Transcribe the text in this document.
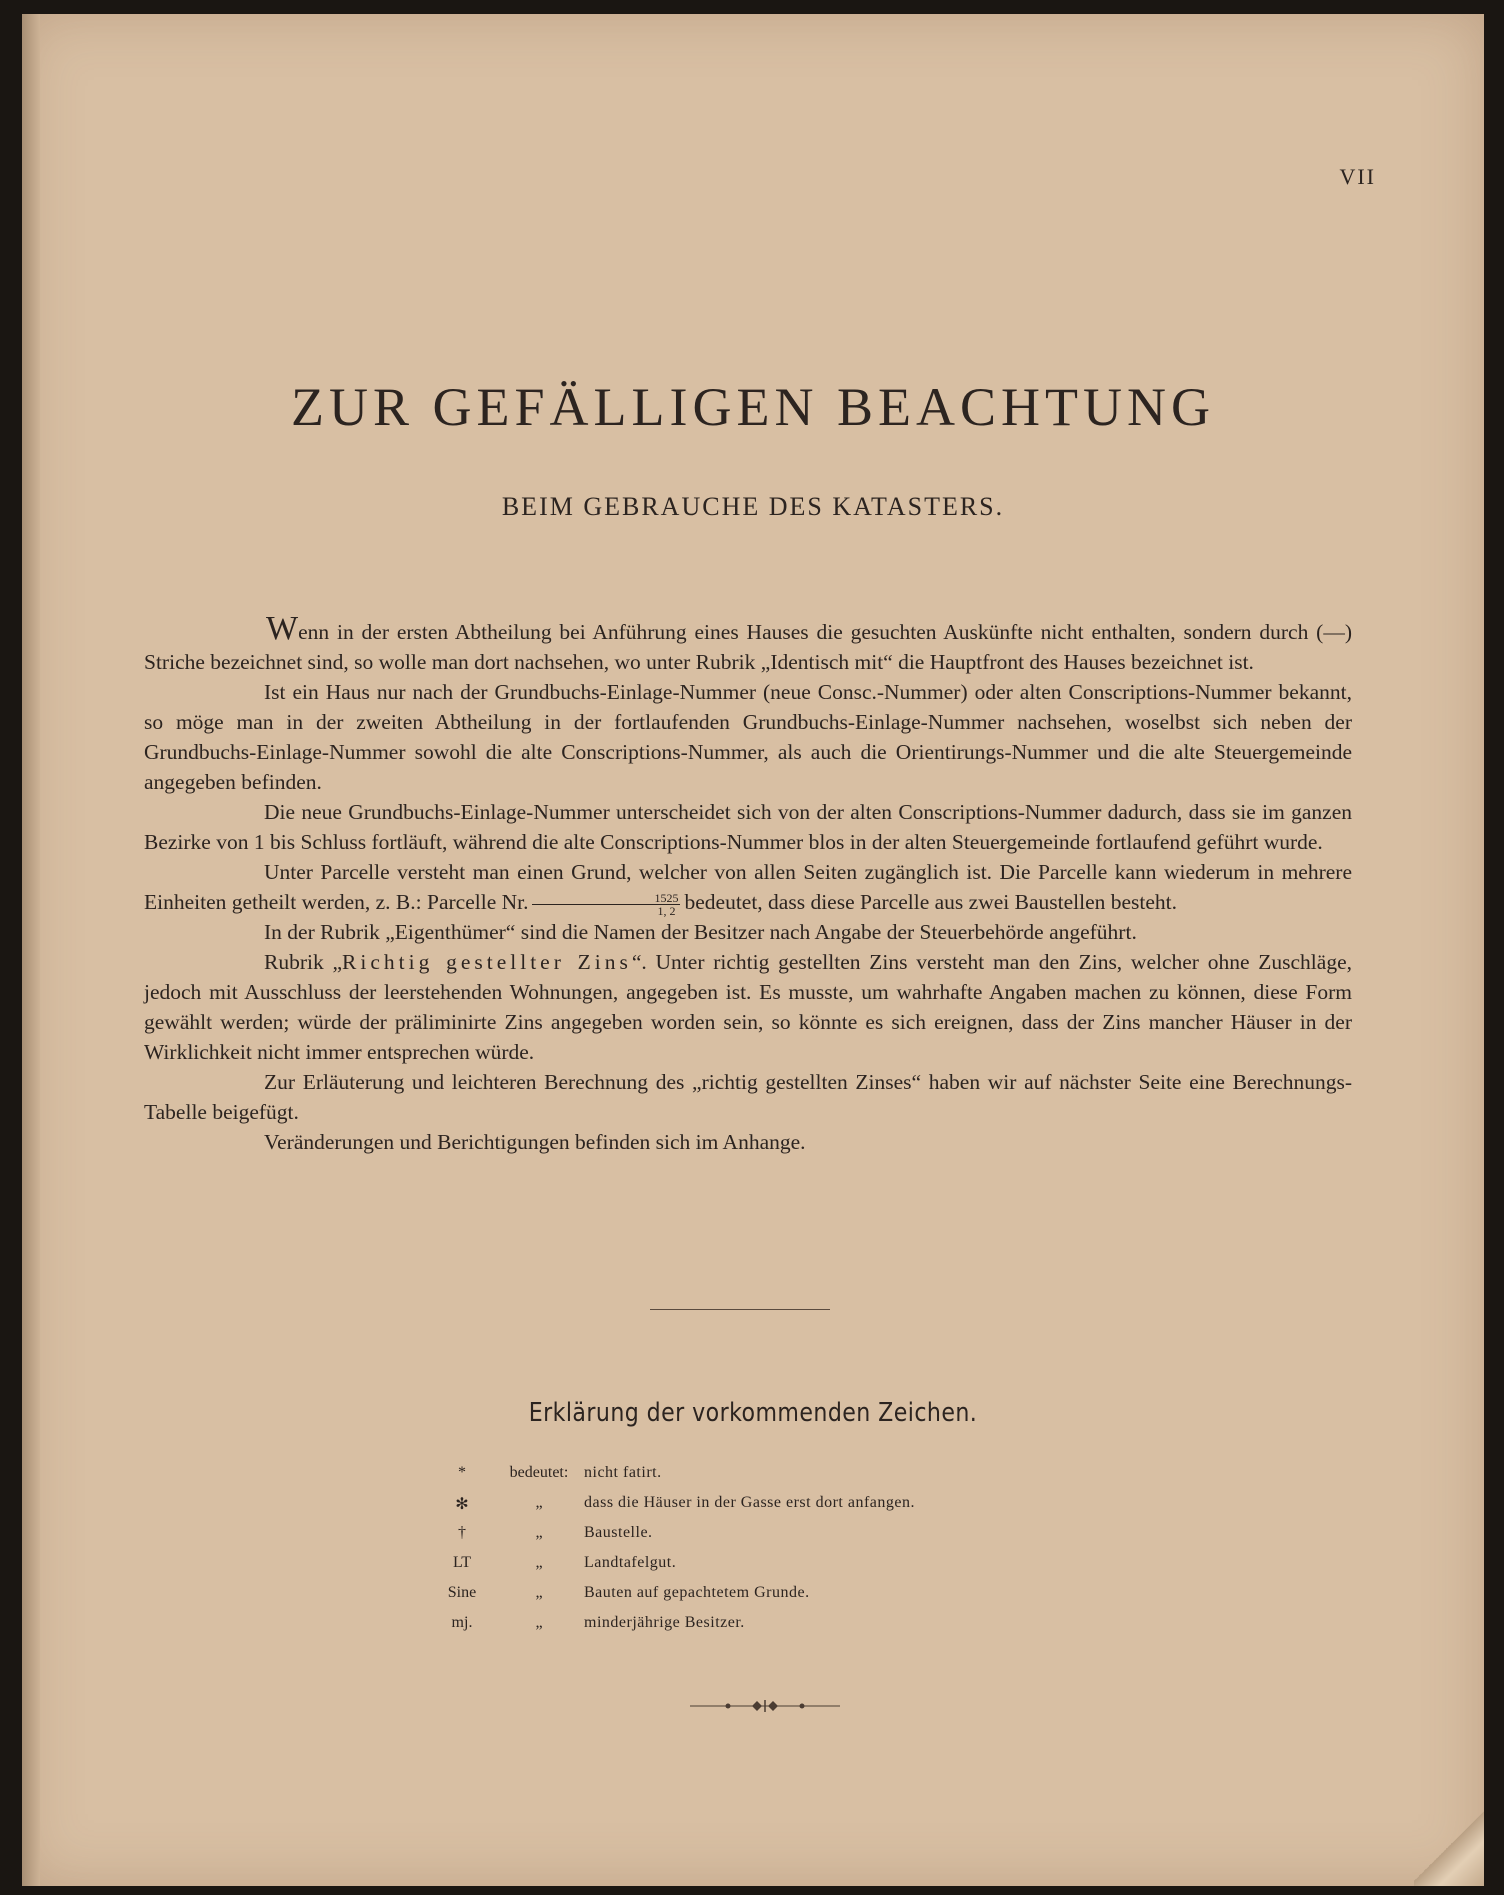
VII
ZUR GEFÄLLIGEN BEACHTUNG
BEIM GEBRAUCHE DES KATASTERS.

Wenn in der ersten Abtheilung bei Anführung eines Hauses die gesuchten Auskünfte nicht enthalten, sondern durch (—) Striche bezeichnet sind, so wolle man dort nachsehen, wo unter Rubrik „Identisch mit“ die Hauptfront des Hauses bezeichnet ist.

Ist ein Haus nur nach der Grundbuchs-Einlage-Nummer (neue Consc.-Nummer) oder alten Conscriptions-Nummer bekannt, so möge man in der zweiten Abtheilung in der fortlaufenden Grundbuchs-Einlage-Nummer nachsehen, woselbst sich neben der Grundbuchs-Einlage-Nummer sowohl die alte Conscriptions-Nummer, als auch die Orientirungs-Nummer und die alte Steuergemeinde angegeben befinden.

Die neue Grundbuchs-Einlage-Nummer unterscheidet sich von der alten Conscriptions-Nummer dadurch, dass sie im ganzen Bezirke von 1 bis Schluss fortläuft, während die alte Conscriptions-Nummer blos in der alten Steuergemeinde fortlaufend geführt wurde.

Unter Parcelle versteht man einen Grund, welcher von allen Seiten zugänglich ist. Die Parcelle kann wiederum in mehrere Einheiten getheilt werden, z. B.: Parcelle Nr. $\frac{1525}{1, 2}$ bedeutet, dass diese Parcelle aus zwei Baustellen besteht.

In der Rubrik „Eigenthümer“ sind die Namen der Besitzer nach Angabe der Steuerbehörde angeführt.

Rubrik „Richtig gestellter Zins“. Unter richtig gestellten Zins versteht man den Zins, welcher ohne Zuschläge, jedoch mit Ausschluss der leerstehenden Wohnungen, angegeben ist. Es musste, um wahrhafte Angaben machen zu können, diese Form gewählt werden; würde der präliminirte Zins angegeben worden sein, so könnte es sich ereignen, dass der Zins mancher Häuser in der Wirklichkeit nicht immer entsprechen würde.

Zur Erläuterung und leichteren Berechnung des „richtig gestellten Zinses“ haben wir auf nächster Seite eine Berechnungs-Tabelle beigefügt.

Veränderungen und Berichtigungen befinden sich im Anhange.

Erklärung der vorkommenden Zeichen.
*	bedeutet: nicht fatirt.
✻	„	dass die Häuser in der Gasse erst dort anfangen.
†	„	Baustelle.
LT	„	Landtafelgut.
Sine	„	Bauten auf gepachtetem Grunde.
mj.	„	minderjährige Besitzer.
